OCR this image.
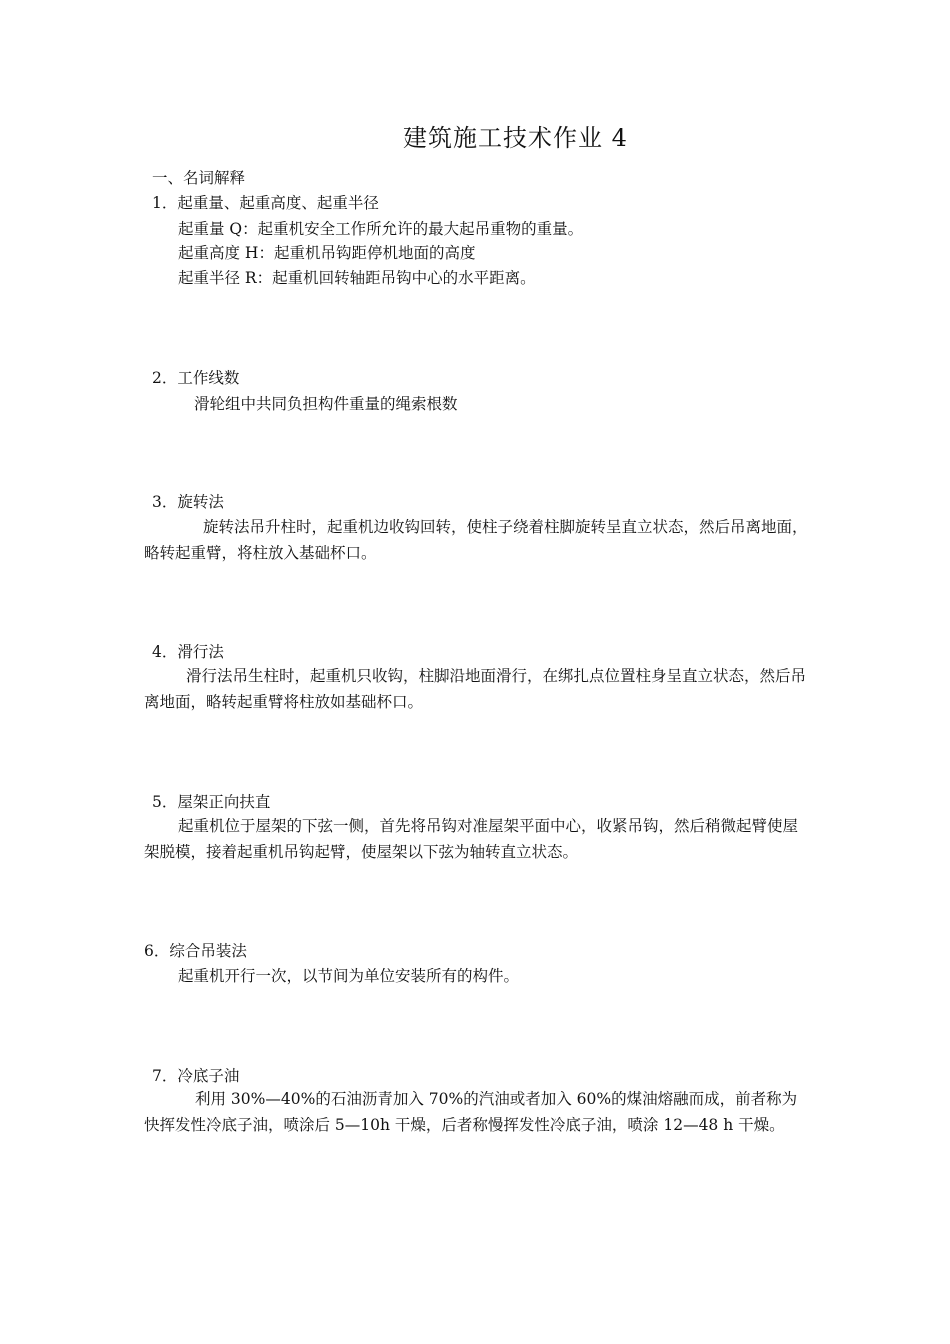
建筑施工技术作业 4
一、名词解释
1．起重量、起重高度、起重半径
起重量 Q：起重机安全工作所允许的最大起吊重物的重量。
起重高度 H：起重机吊钩距停机地面的高度
起重半径 R：起重机回转轴距吊钩中心的水平距离。
2．工作线数
滑轮组中共同负担构件重量的绳索根数
3．旋转法
旋转法吊升柱时，起重机边收钩回转，使柱子绕着柱脚旋转呈直立状态，然后吊离地面，略转起重臂，将柱放入基础杯口。
4．滑行法
滑行法吊生柱时，起重机只收钩，柱脚沿地面滑行，在绑扎点位置柱身呈直立状态，然后吊离地面，略转起重臂将柱放如基础杯口。
5．屋架正向扶直
起重机位于屋架的下弦一侧，首先将吊钩对准屋架平面中心，收紧吊钩，然后稍微起臂使屋架脱模，接着起重机吊钩起臂，使屋架以下弦为轴转直立状态。
6．综合吊装法
起重机开行一次，以节间为单位安装所有的构件。
7．冷底子油
利用 30%—40%的石油沥青加入 70%的汽油或者加入 60%的煤油熔融而成，前者称为快挥发性冷底子油，喷涂后 5—10h 干燥，后者称慢挥发性冷底子油，喷涂 12—48 h 干燥。
